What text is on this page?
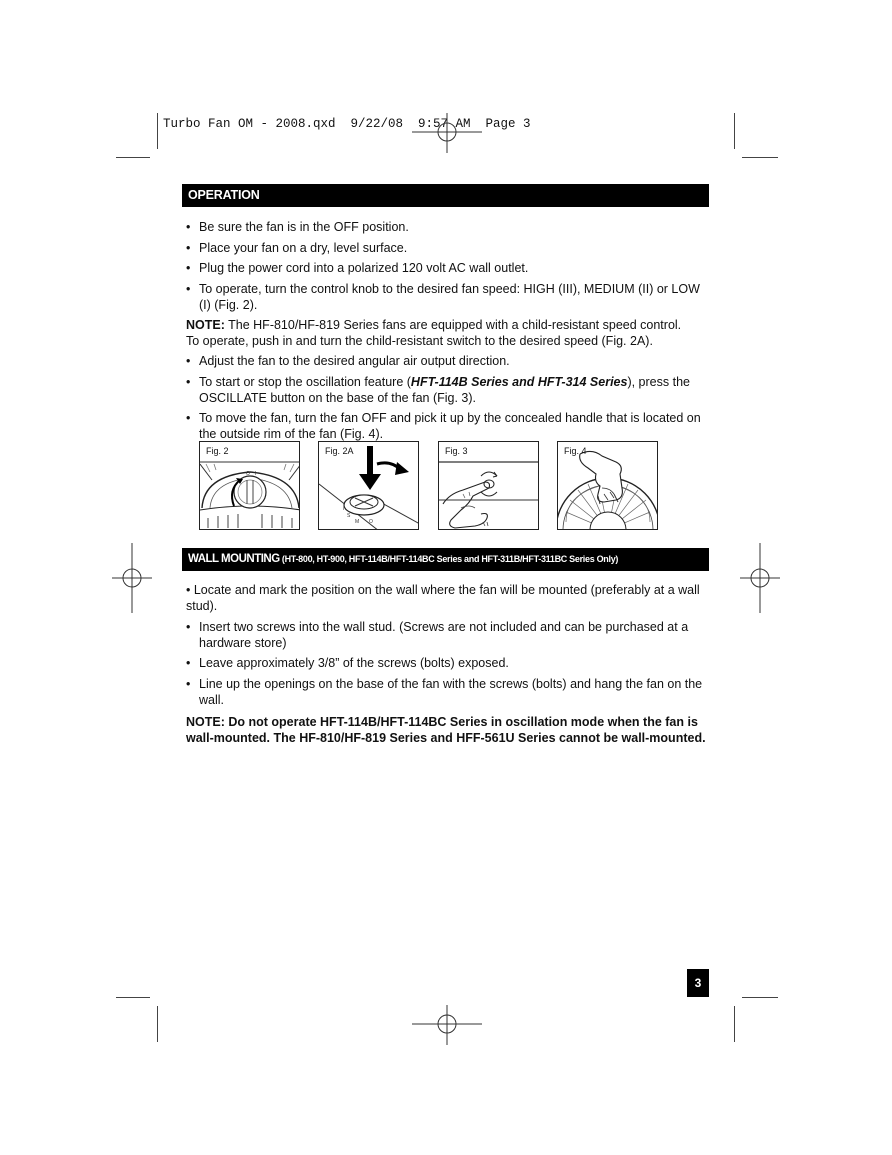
Turbo Fan OM - 2008.qxd  9/22/08  9:57 AM  Page 3
OPERATION
• Be sure the fan is in the OFF position.
• Place your fan on a dry, level surface.
• Plug the power cord into a polarized 120 volt AC wall outlet.
• To operate, turn the control knob to the desired fan speed: HIGH (III), MEDIUM (II) or LOW (I) (Fig. 2).
NOTE: The HF-810/HF-819 Series fans are equipped with a child-resistant speed control.
To operate, push in and turn the child-resistant switch to the desired speed (Fig. 2A).
• Adjust the fan to the desired angular air output direction.
• To start or stop the oscillation feature (HFT-114B Series and HFT-314 Series), press the OSCILLATE button on the base of the fan (Fig. 3).
• To move the fan, turn the fan OFF and pick it up by the concealed handle that is located on the outside rim of the fan (Fig. 4).
Fig. 2
O I
Fig. 2A
I
S
M O
Fig. 3	Fig. 4
WALL MOUNTING (HT-800, HT-900, HFT-114B/HFT-114BC Series and HFT-311B/HFT-311BC Series Only)
• Locate and mark the position on the wall where the fan will be mounted (preferably at a wall stud).
• Insert two screws into the wall stud. (Screws are not included and can be purchased at a hardware store)
• Leave approximately 3/8” of the screws (bolts) exposed.
• Line up the openings on the base of the fan with the screws (bolts) and hang the fan on the wall.
NOTE: Do not operate HFT-114B/HFT-114BC Series in oscillation mode when the fan is wall-mounted. The HF-810/HF-819 Series and HFF-561U Series cannot be wall-mounted.
3
